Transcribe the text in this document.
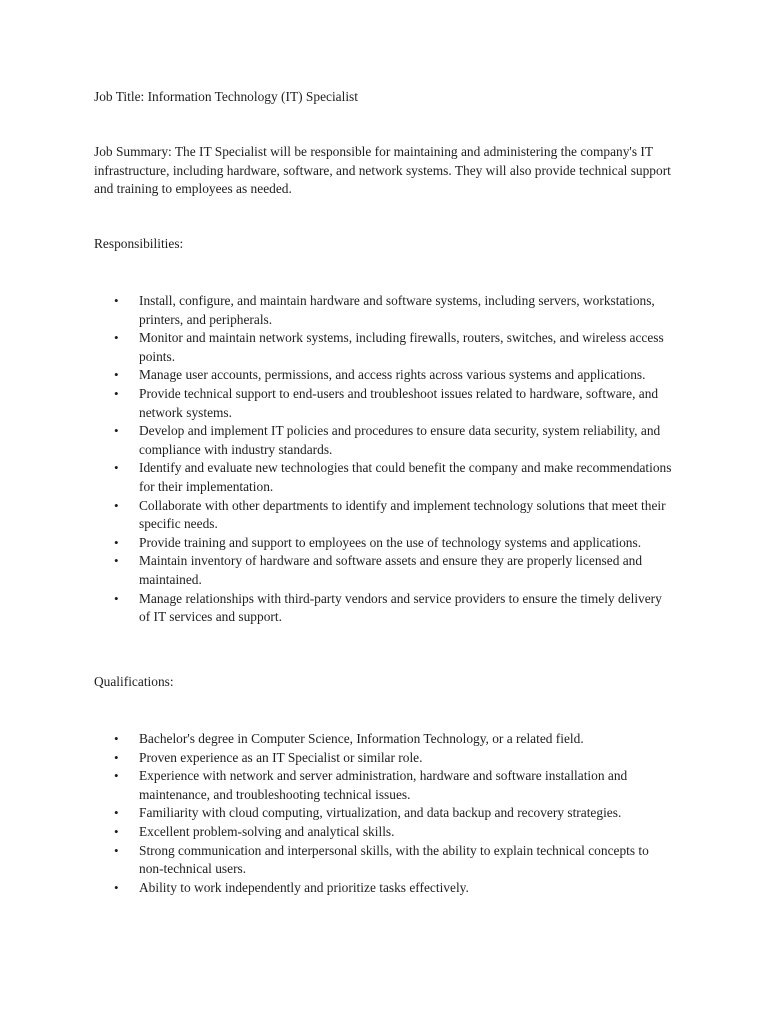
Job Title: Information Technology (IT) Specialist

Job Summary: The IT Specialist will be responsible for maintaining and administering the company's IT infrastructure, including hardware, software, and network systems. They will also provide technical support and training to employees as needed.

Responsibilities:

• Install, configure, and maintain hardware and software systems, including servers, workstations, printers, and peripherals.
• Monitor and maintain network systems, including firewalls, routers, switches, and wireless access points.
• Manage user accounts, permissions, and access rights across various systems and applications.
• Provide technical support to end-users and troubleshoot issues related to hardware, software, and network systems.
• Develop and implement IT policies and procedures to ensure data security, system reliability, and compliance with industry standards.
• Identify and evaluate new technologies that could benefit the company and make recommendations for their implementation.
• Collaborate with other departments to identify and implement technology solutions that meet their specific needs.
• Provide training and support to employees on the use of technology systems and applications.
• Maintain inventory of hardware and software assets and ensure they are properly licensed and maintained.
• Manage relationships with third-party vendors and service providers to ensure the timely delivery of IT services and support.

Qualifications:

• Bachelor's degree in Computer Science, Information Technology, or a related field.
• Proven experience as an IT Specialist or similar role.
• Experience with network and server administration, hardware and software installation and maintenance, and troubleshooting technical issues.
• Familiarity with cloud computing, virtualization, and data backup and recovery strategies.
• Excellent problem-solving and analytical skills.
• Strong communication and interpersonal skills, with the ability to explain technical concepts to non-technical users.
• Ability to work independently and prioritize tasks effectively.
